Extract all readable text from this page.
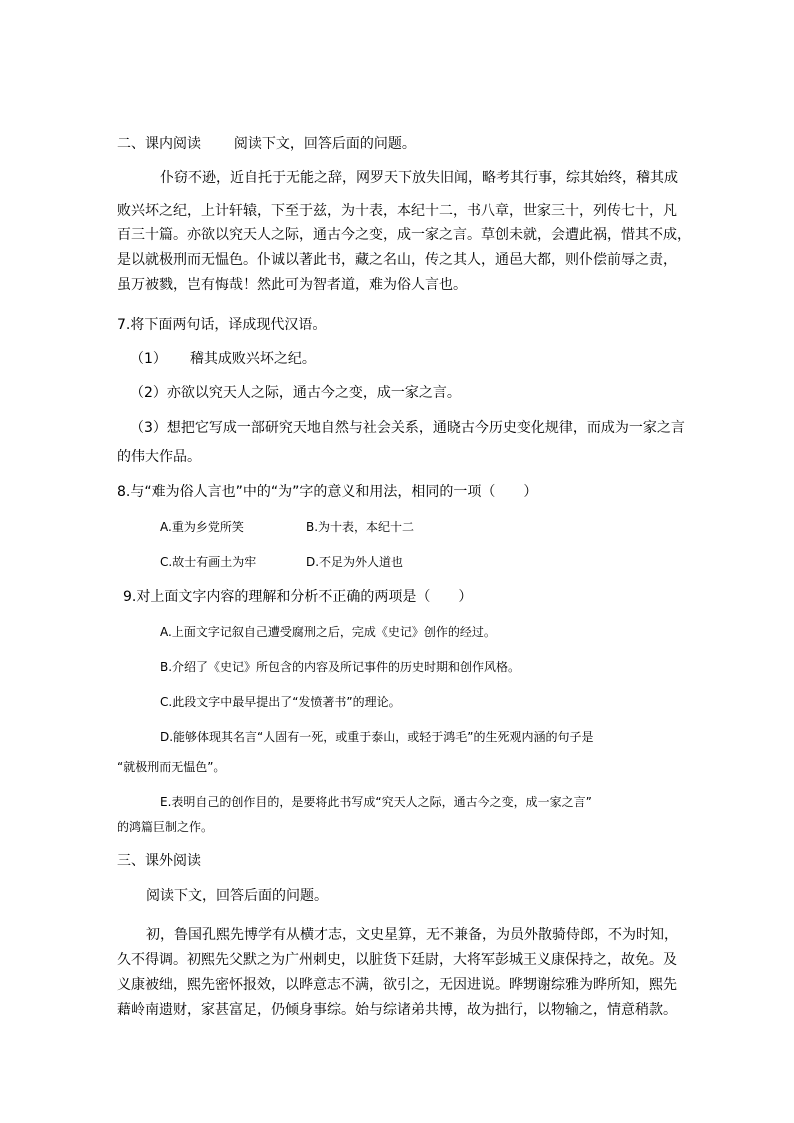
二、课内阅读 阅读下文，回答后面的问题。
仆窃不逊，近自托于无能之辞，网罗天下放失旧闻，略考其行事，综其始终，稽其成
败兴坏之纪，上计轩辕，下至于兹，为十表，本纪十二，书八章，世家三十，列传七十，凡
百三十篇。亦欲以究天人之际，通古今之变，成一家之言。草创未就，会遭此祸，惜其不成，
是以就极刑而无愠色。仆诚以著此书，藏之名山，传之其人，通邑大都，则仆偿前辱之责，
虽万被戮，岂有悔哉！然此可为智者道，难为俗人言也。
7.将下面两句话，译成现代汉语。
（1） 稽其成败兴坏之纪。
（2）亦欲以究天人之际，通古今之变，成一家之言。
（3）想把它写成一部研究天地自然与社会关系，通晓古今历史变化规律，而成为一家之言
的伟大作品。
8.与“难为俗人言也”中的“为”字的意义和用法，相同的一项（　　）
A.重为乡党所笑	B.为十表，本纪十二
C.故士有画土为牢	D.不足为外人道也
9.对上面文字内容的理解和分析不正确的两项是（　　）
A.上面文字记叙自己遭受腐刑之后，完成《史记》创作的经过。
B.介绍了《史记》所包含的内容及所记事件的历史时期和创作风格。
C.此段文字中最早提出了“发愤著书”的理论。
D.能够体现其名言“人固有一死，或重于泰山，或轻于鸿毛”的生死观内涵的句子是
“就极刑而无愠色”。
E.表明自己的创作目的，是要将此书写成“究天人之际，通古今之变，成一家之言”
的鸿篇巨制之作。
三、课外阅读
阅读下文，回答后面的问题。
初，鲁国孔熙先博学有从横才志，文史星算，无不兼备，为员外散骑侍郎，不为时知，
久不得调。初熙先父默之为广州刺史，以脏货下廷尉，大将军彭城王义康保持之，故免。及
义康被绌，熙先密怀报效，以晔意志不满，欲引之，无因进说。晔甥谢综雅为晔所知，熙先
藉岭南遗财，家甚富足，仍倾身事综。始与综诸弟共博，故为拙行，以物输之，情意稍款。
